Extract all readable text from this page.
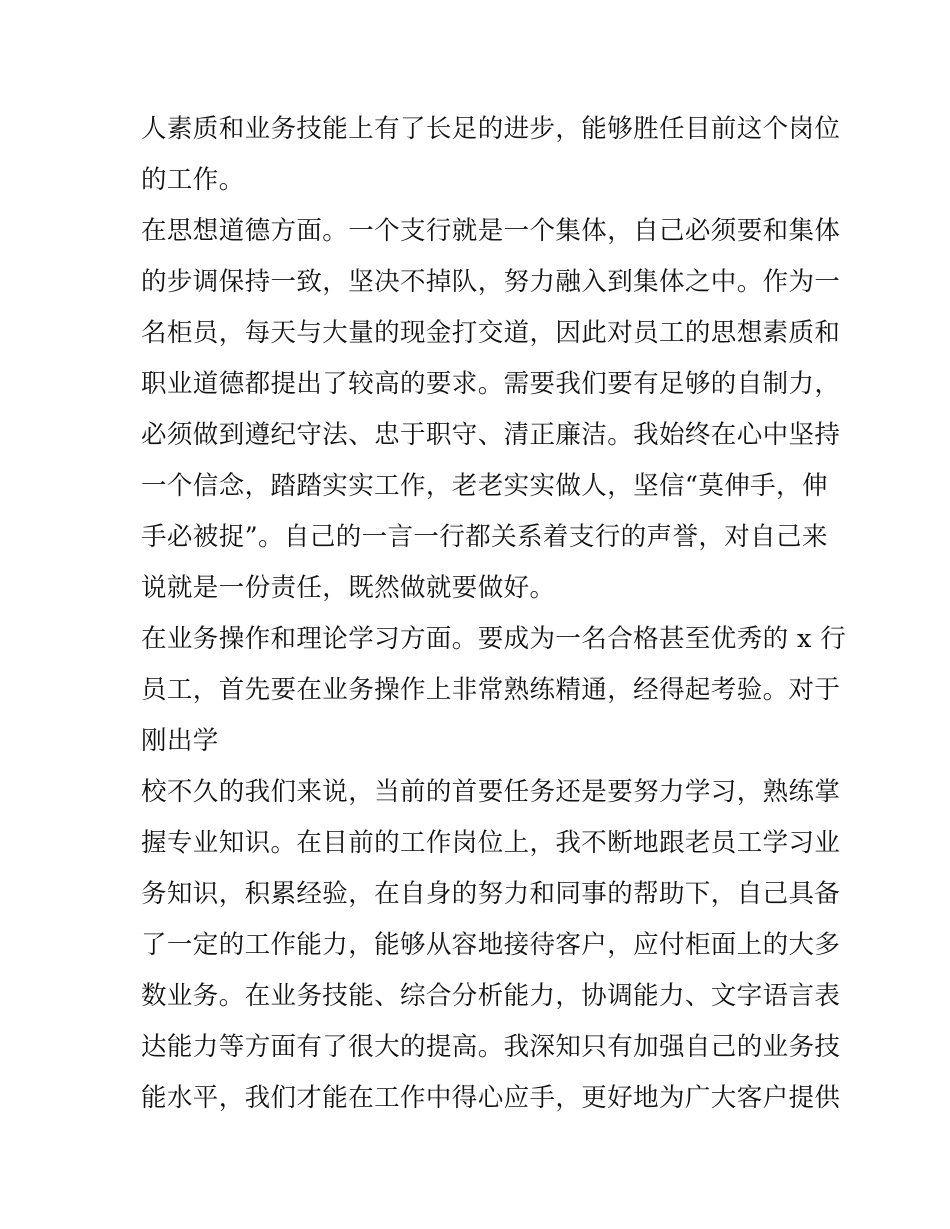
人素质和业务技能上有了长足的进步，能够胜任目前这个岗位
的工作。
在思想道德方面。一个支行就是一个集体，自己必须要和集体
的步调保持一致，坚决不掉队，努力融入到集体之中。作为一
名柜员，每天与大量的现金打交道，因此对员工的思想素质和
职业道德都提出了较高的要求。需要我们要有足够的自制力，
必须做到遵纪守法、忠于职守、清正廉洁。我始终在心中坚持
一个信念，踏踏实实工作，老老实实做人，坚信“莫伸手，伸
手必被捉”。自己的一言一行都关系着支行的声誉，对自己来
说就是一份责任，既然做就要做好。
在业务操作和理论学习方面。要成为一名合格甚至优秀的 x 行
员工，首先要在业务操作上非常熟练精通，经得起考验。对于
刚出学
校不久的我们来说，当前的首要任务还是要努力学习，熟练掌
握专业知识。在目前的工作岗位上，我不断地跟老员工学习业
务知识，积累经验，在自身的努力和同事的帮助下，自己具备
了一定的工作能力，能够从容地接待客户，应付柜面上的大多
数业务。在业务技能、综合分析能力，协调能力、文字语言表
达能力等方面有了很大的提高。我深知只有加强自己的业务技
能水平，我们才能在工作中得心应手，更好地为广大客户提供
